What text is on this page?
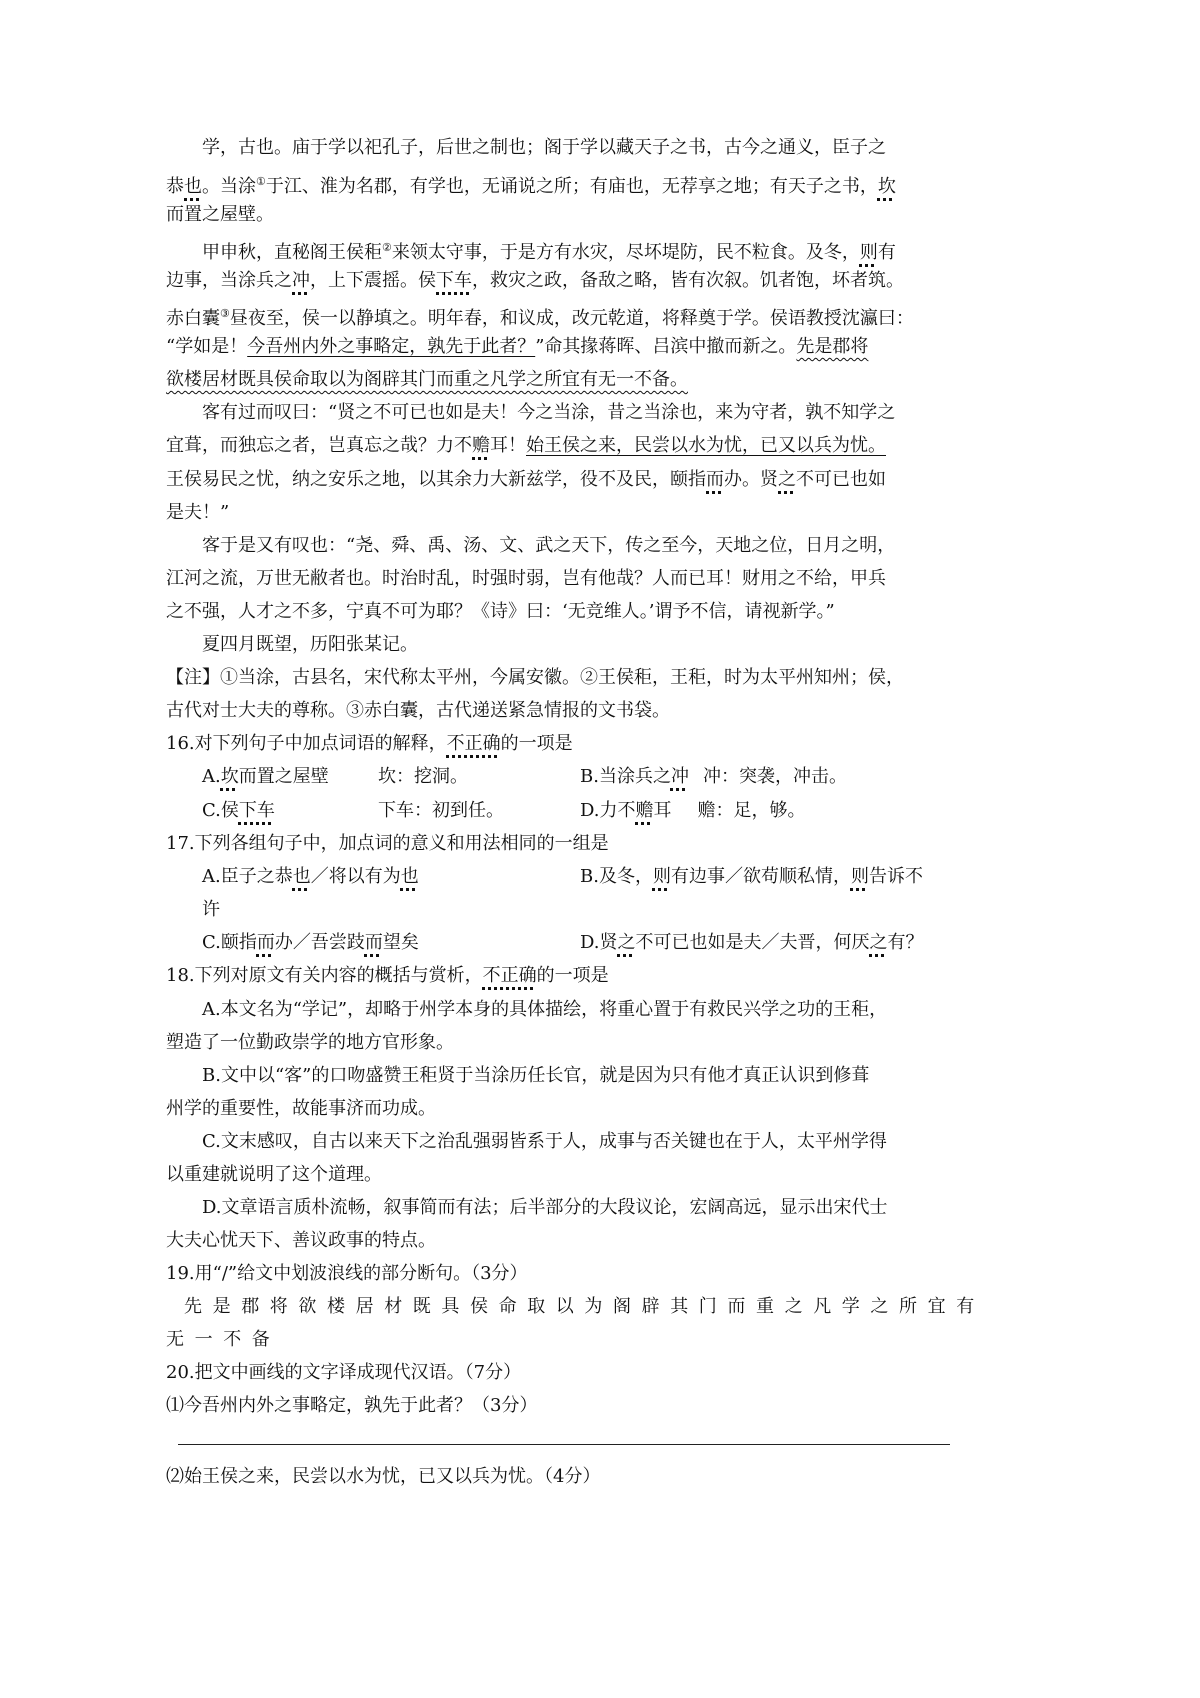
学，古也。庙于学以祀孔子，后世之制也；阁于学以藏天子之书，古今之通义，臣子之
恭也。当涂①于江、淮为名郡，有学也，无诵说之所；有庙也，无荐享之地；有天子之书，坎
而置之屋壁。
甲申秋，直秘阁王侯秬②来领太守事，于是方有水灾，尽坏堤防，民不粒食。及冬，则有
边事，当涂兵之冲，上下震摇。侯下车，救灾之政，备敌之略，皆有次叙。饥者饱，坏者筑。
赤白囊③昼夜至，侯一以静填之。明年春，和议成，改元乾道，将释奠于学。侯语教授沈瀛曰：
“学如是！今吾州内外之事略定，孰先于此者？”命其掾蒋晖、吕滨中撤而新之。先是郡将
欲楼居材既具侯命取以为阁辟其门而重之凡学之所宜有无一不备。
客有过而叹曰：“贤之不可已也如是夫！今之当涂，昔之当涂也，来为守者，孰不知学之
宜葺，而独忘之者，岂真忘之哉？力不赡耳！始王侯之来，民尝以水为忧，已又以兵为忧。
王侯易民之忧，纳之安乐之地，以其余力大新兹学，役不及民，颐指而办。贤之不可已也如
是夫！”
客于是又有叹也：“尧、舜、禹、汤、文、武之天下，传之至今，天地之位，日月之明，
江河之流，万世无敝者也。时治时乱，时强时弱，岂有他哉？人而已耳！财用之不给，甲兵
之不强，人才之不多，宁真不可为耶？《诗》曰：‘无竞维人。’谓予不信，请视新学。”
夏四月既望，历阳张某记。
【注】①当涂，古县名，宋代称太平州，今属安徽。②王侯秬，王秬，时为太平州知州；侯，
古代对士大夫的尊称。③赤白囊，古代递送紧急情报的文书袋。
16.对下列句子中加点词语的解释，不正确的一项是
A.坎而置之屋壁	坎：挖洞。	B.当涂兵之冲 冲：突袭，冲击。
C.侯下车	下车：初到任。	D.力不赡耳 赡：足，够。
17.下列各组句子中，加点词的意义和用法相同的一组是
A.臣子之恭也／将以有为也	B.及冬，则有边事／欲苟顺私情，则告诉不
许
C.颐指而办／吾尝跂而望矣	D.贤之不可已也如是夫／夫晋，何厌之有？
18.下列对原文有关内容的概括与赏析，不正确的一项是
A.本文名为“学记”，却略于州学本身的具体描绘，将重心置于有救民兴学之功的王秬，
塑造了一位勤政崇学的地方官形象。
B.文中以“客”的口吻盛赞王秬贤于当涂历任长官，就是因为只有他才真正认识到修葺
州学的重要性，故能事济而功成。
C.文末感叹，自古以来天下之治乱强弱皆系于人，成事与否关键也在于人，太平州学得
以重建就说明了这个道理。
D.文章语言质朴流畅，叙事简而有法；后半部分的大段议论，宏阔高远，显示出宋代士
大夫心忧天下、善议政事的特点。
19.用“/”给文中划波浪线的部分断句。（3分）
先是郡将欲楼居材既具侯命取以为阁辟其门而重之凡学之所宜有
无一不备
20.把文中画线的文字译成现代汉语。（7分）
⑴今吾州内外之事略定，孰先于此者？（3分）
⑵始王侯之来，民尝以水为忧，已又以兵为忧。（4分）
